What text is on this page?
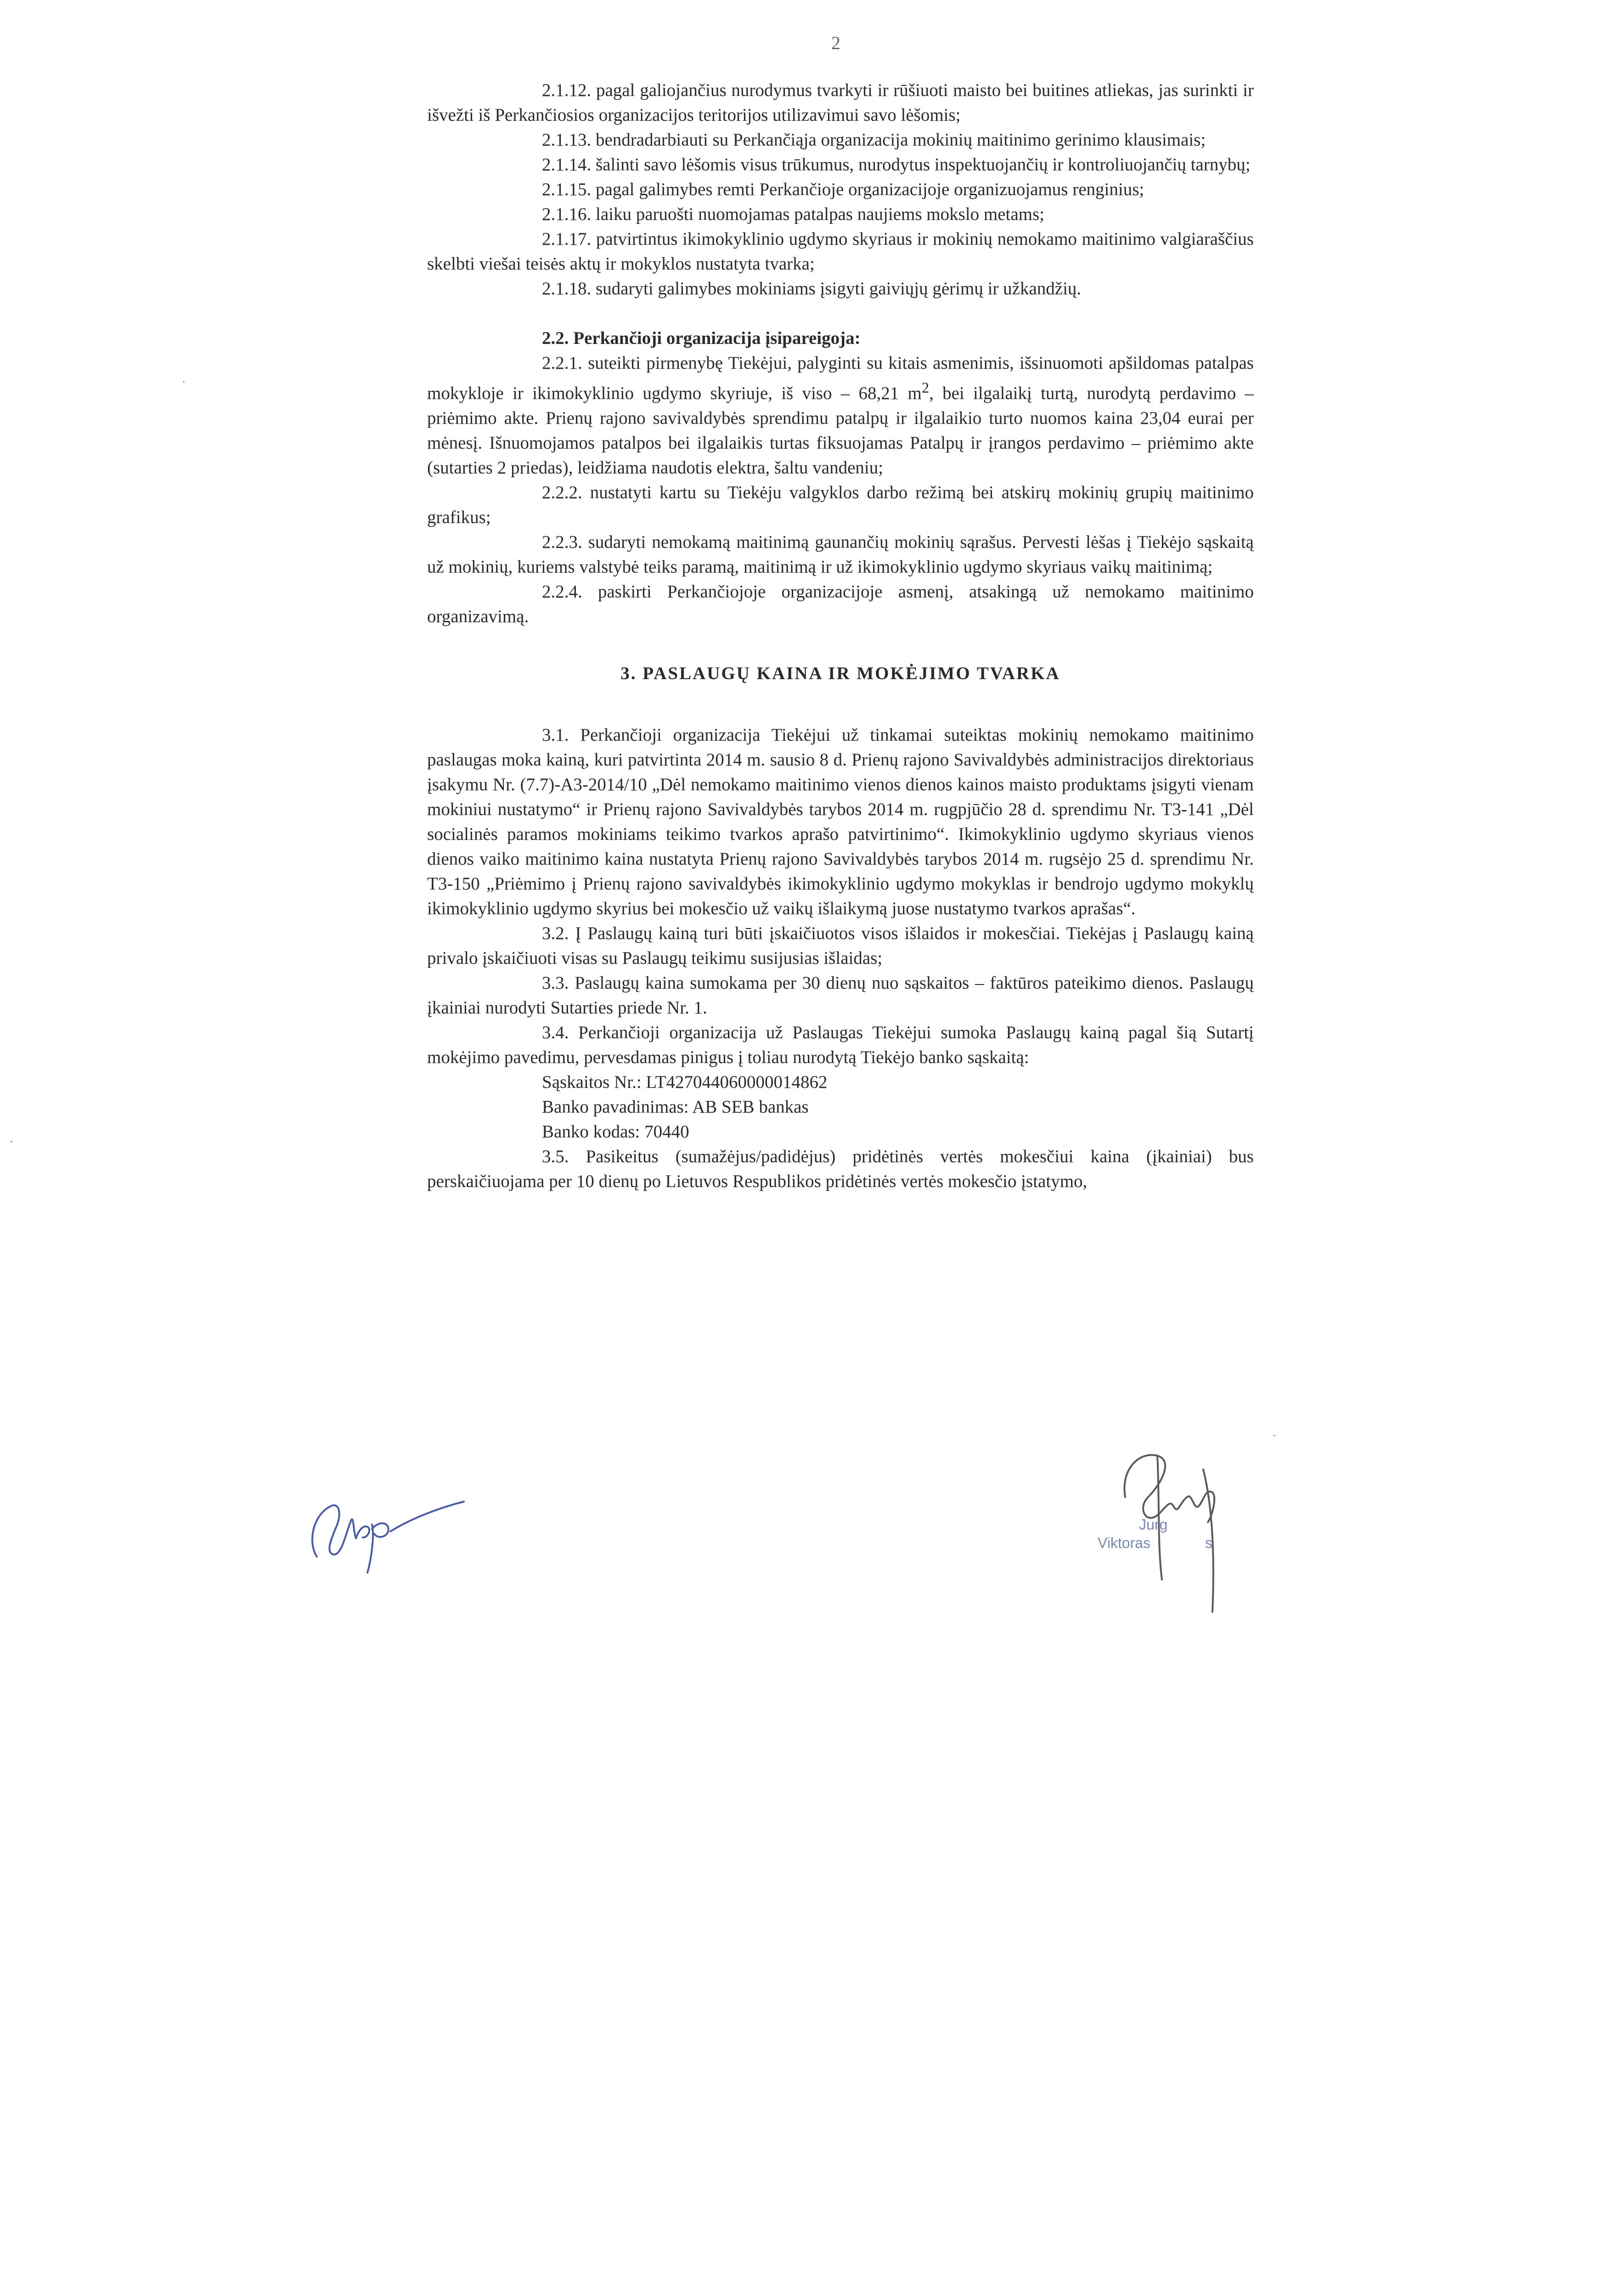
2

2.1.12. pagal galiojančius nurodymus tvarkyti ir rūšiuoti maisto bei buitines atliekas, jas surinkti ir išvežti iš Perkančiosios organizacijos teritorijos utilizavimui savo lėšomis;

2.1.13. bendradarbiauti su Perkančiąja organizacija mokinių maitinimo gerinimo klausimais;

2.1.14. šalinti savo lėšomis visus trūkumus, nurodytus inspektuojančių ir kontroliuojančių tarnybų;

2.1.15. pagal galimybes remti Perkančioje organizacijoje organizuojamus renginius;

2.1.16. laiku paruošti nuomojamas patalpas naujiems mokslo metams;

2.1.17. patvirtintus ikimokyklinio ugdymo skyriaus ir mokinių nemokamo maitinimo valgiaraščius skelbti viešai teisės aktų ir mokyklos nustatyta tvarka;

2.1.18. sudaryti galimybes mokiniams įsigyti gaiviųjų gėrimų ir užkandžių.

2.2. Perkančioji organizacija įsipareigoja:

2.2.1. suteikti pirmenybę Tiekėjui, palyginti su kitais asmenimis, išsinuomoti apšildomas patalpas mokykloje ir ikimokyklinio ugdymo skyriuje, iš viso – 68,21 $m^2$, bei ilgalaikį turtą, nurodytą perdavimo – priėmimo akte. Prienų rajono savivaldybės sprendimu patalpų ir ilgalaikio turto nuomos kaina 23,04 eurai per mėnesį. Išnuomojamos patalpos bei ilgalaikis turtas fiksuojamas Patalpų ir įrangos perdavimo – priėmimo akte (sutarties 2 priedas), leidžiama naudotis elektra, šaltu vandeniu;

2.2.2. nustatyti kartu su Tiekėju valgyklos darbo režimą bei atskirų mokinių grupių maitinimo grafikus;

2.2.3. sudaryti nemokamą maitinimą gaunančių mokinių sąrašus. Pervesti lėšas į Tiekėjo sąskaitą už mokinių, kuriems valstybė teiks paramą, maitinimą ir už ikimokyklinio ugdymo skyriaus vaikų maitinimą;

2.2.4. paskirti Perkančiojoje organizacijoje asmenį, atsakingą už nemokamo maitinimo organizavimą.

3. PASLAUGŲ KAINA IR MOKĖJIMO TVARKA

3.1. Perkančioji organizacija Tiekėjui už tinkamai suteiktas mokinių nemokamo maitinimo paslaugas moka kainą, kuri patvirtinta 2014 m. sausio 8 d. Prienų rajono Savivaldybės administracijos direktoriaus įsakymu Nr. (7.7)-A3-2014/10 „Dėl nemokamo maitinimo vienos dienos kainos maisto produktams įsigyti vienam mokiniui nustatymo“ ir Prienų rajono Savivaldybės tarybos 2014 m. rugpjūčio 28 d. sprendimu Nr. T3-141 „Dėl socialinės paramos mokiniams teikimo tvarkos aprašo patvirtinimo“. Ikimokyklinio ugdymo skyriaus vienos dienos vaiko maitinimo kaina nustatyta Prienų rajono Savivaldybės tarybos 2014 m. rugsėjo 25 d. sprendimu Nr. T3-150 „Priėmimo į Prienų rajono savivaldybės ikimokyklinio ugdymo mokyklas ir bendrojo ugdymo mokyklų ikimokyklinio ugdymo skyrius bei mokesčio už vaikų išlaikymą juose nustatymo tvarkos aprašas“.

3.2. Į Paslaugų kainą turi būti įskaičiuotos visos išlaidos ir mokesčiai. Tiekėjas į Paslaugų kainą privalo įskaičiuoti visas su Paslaugų teikimu susijusias išlaidas;

3.3. Paslaugų kaina sumokama per 30 dienų nuo sąskaitos – faktūros pateikimo dienos. Paslaugų įkainiai nurodyti Sutarties priede Nr. 1.

3.4. Perkančioji organizacija už Paslaugas Tiekėjui sumoka Paslaugų kainą pagal šią Sutartį mokėjimo pavedimu, pervesdamas pinigus į toliau nurodytą Tiekėjo banko sąskaitą:

Sąskaitos Nr.: LT427044060000014862

Banko pavadinimas: AB SEB bankas

Banko kodas: 70440

3.5. Pasikeitus (sumažėjus/padidėjus) pridėtinės vertės mokesčiui kaina (įkainiai) bus perskaičiuojama per 10 dienų po Lietuvos Respublikos pridėtinės vertės mokesčio įstatymo,

·
·
·
Jurg
Viktoras	s
